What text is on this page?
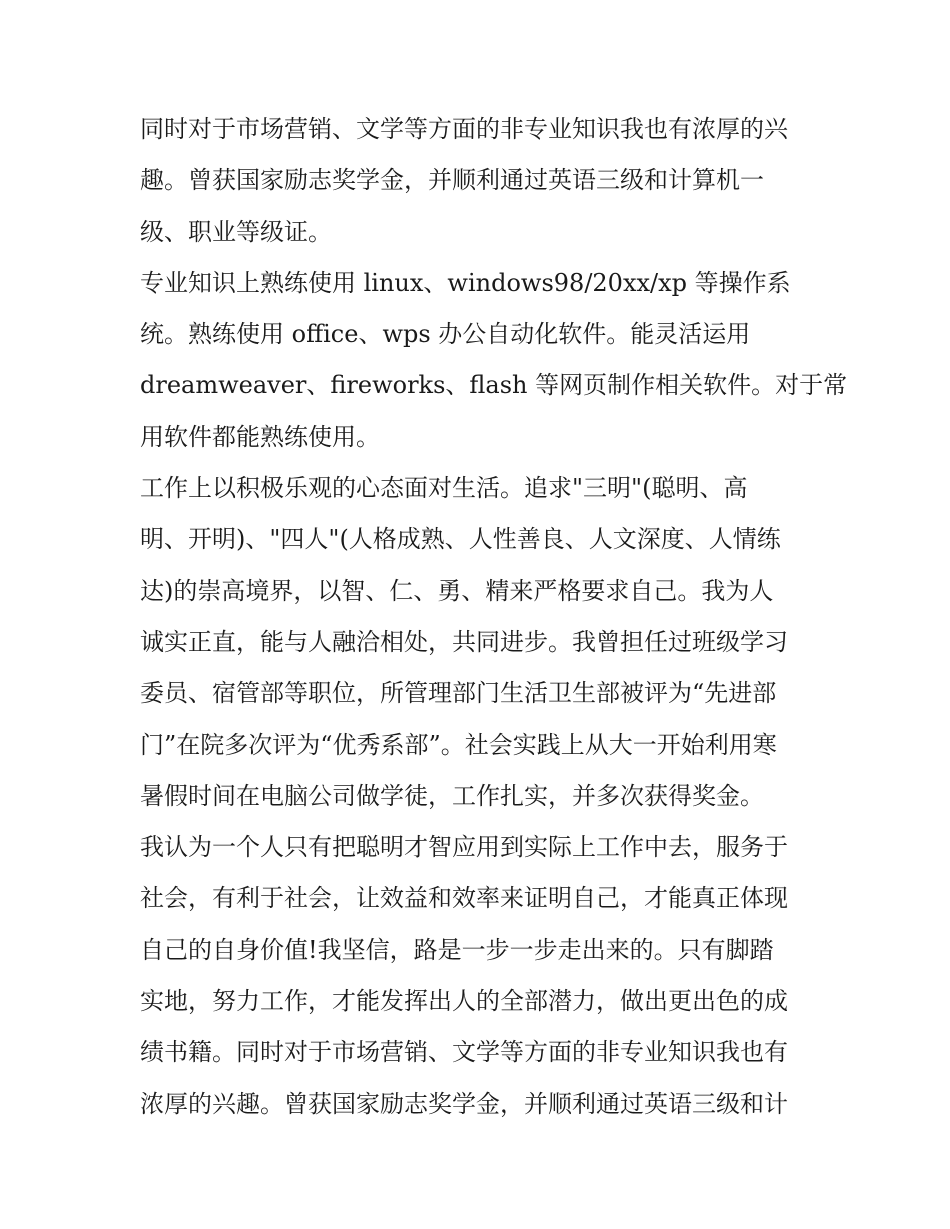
同时对于市场营销、文学等方面的非专业知识我也有浓厚的兴
趣。曾获国家励志奖学金，并顺利通过英语三级和计算机一
级、职业等级证。
专业知识上熟练使用 linux、windows98/20xx/xp 等操作系
统。熟练使用 office、wps 办公自动化软件。能灵活运用
dreamweaver、fireworks、flash 等网页制作相关软件。对于常
用软件都能熟练使用。
工作上以积极乐观的心态面对生活。追求"三明"(聪明、高
明、开明)、"四人"(人格成熟、人性善良、人文深度、人情练
达)的崇高境界，以智、仁、勇、精来严格要求自己。我为人
诚实正直，能与人融洽相处，共同进步。我曾担任过班级学习
委员、宿管部等职位，所管理部门生活卫生部被评为“先进部
门”在院多次评为“优秀系部”。社会实践上从大一开始利用寒
暑假时间在电脑公司做学徒，工作扎实，并多次获得奖金。
我认为一个人只有把聪明才智应用到实际上工作中去，服务于
社会，有利于社会，让效益和效率来证明自己，才能真正体现
自己的自身价值!我坚信，路是一步一步走出来的。只有脚踏
实地，努力工作，才能发挥出人的全部潜力，做出更出色的成
绩书籍。同时对于市场营销、文学等方面的非专业知识我也有
浓厚的兴趣。曾获国家励志奖学金，并顺利通过英语三级和计
